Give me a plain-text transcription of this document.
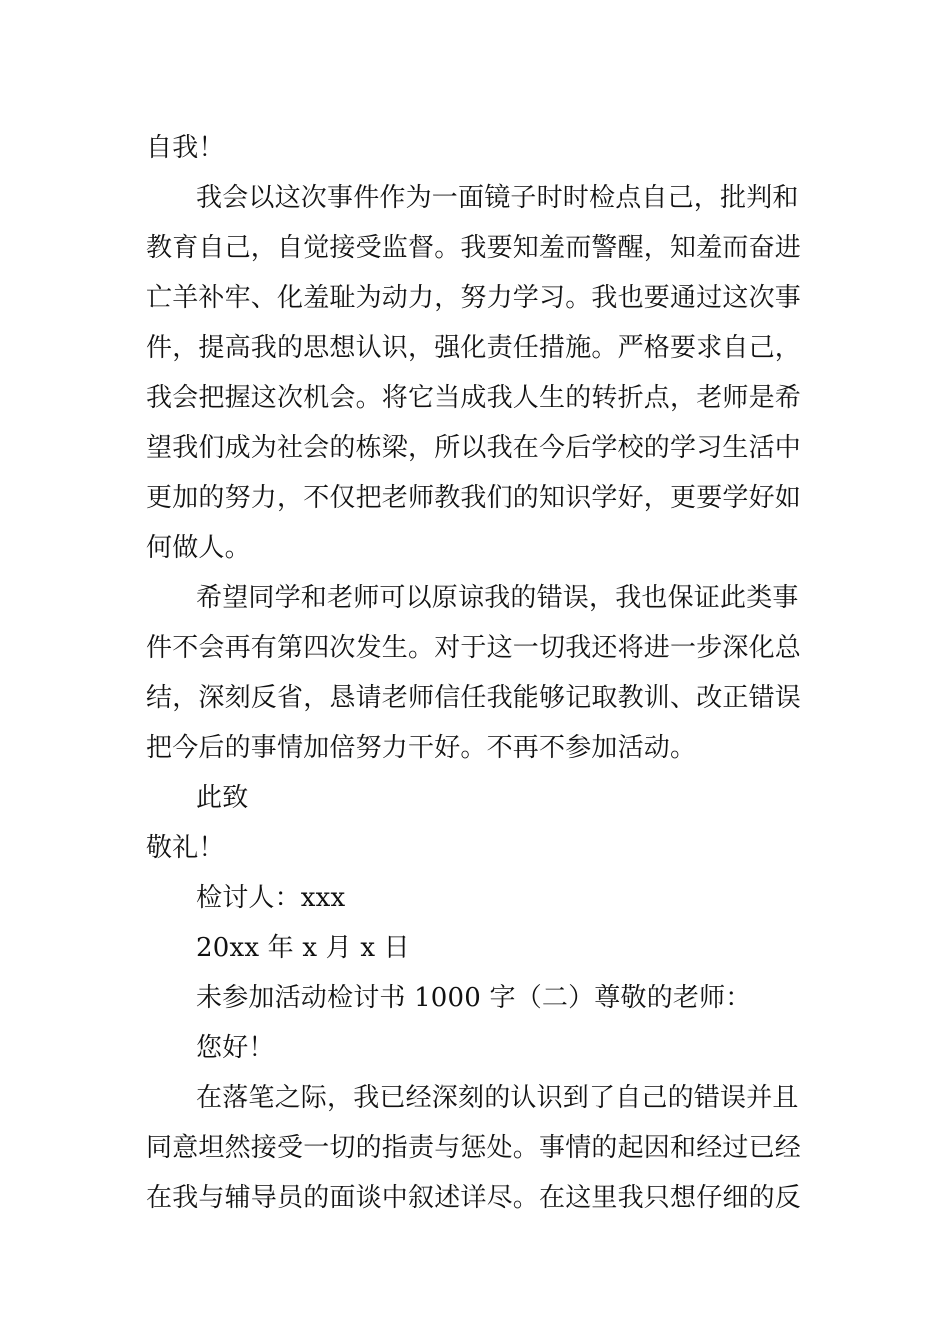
自我！
我会以这次事件作为一面镜子时时检点自己，批判和
教育自己，自觉接受监督。我要知羞而警醒，知羞而奋进
亡羊补牢、化羞耻为动力，努力学习。我也要通过这次事
件，提高我的思想认识，强化责任措施。严格要求自己，
我会把握这次机会。将它当成我人生的转折点，老师是希
望我们成为社会的栋梁，所以我在今后学校的学习生活中
更加的努力，不仅把老师教我们的知识学好，更要学好如
何做人。
希望同学和老师可以原谅我的错误，我也保证此类事
件不会再有第四次发生。对于这一切我还将进一步深化总
结，深刻反省，恳请老师信任我能够记取教训、改正错误
把今后的事情加倍努力干好。不再不参加活动。
此致
敬礼！
检讨人：xxx
20xx 年 x 月 x 日
未参加活动检讨书 1000 字（二）尊敬的老师：
您好！
在落笔之际，我已经深刻的认识到了自己的错误并且
同意坦然接受一切的指责与惩处。事情的起因和经过已经
在我与辅导员的面谈中叙述详尽。在这里我只想仔细的反
